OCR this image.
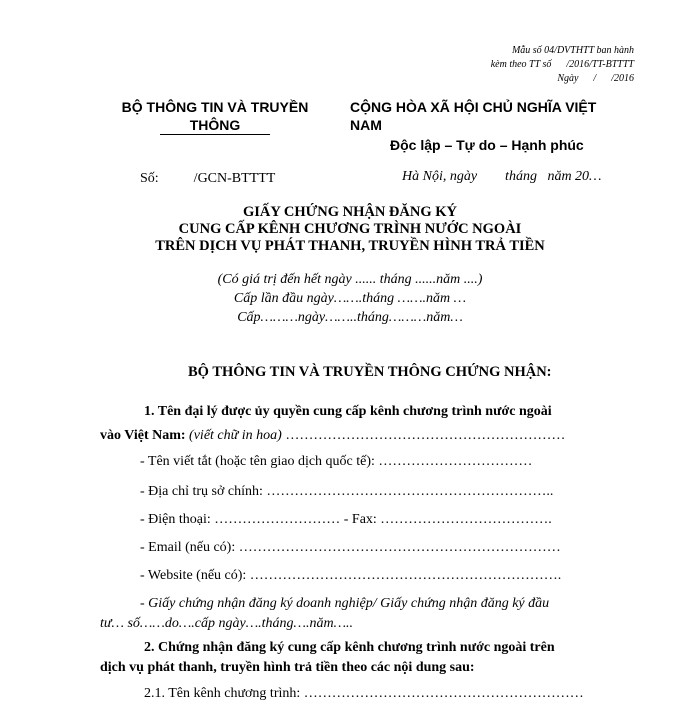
Mẫu số 04/DVTHTT ban hành
kèm theo TT số      /2016/TT-BTTTT
Ngày      /      /2016
BỘ THÔNG TIN VÀ TRUYỀN
THÔNG
CỘNG HÒA XÃ HỘI CHỦ NGHĨA VIỆT
NAM
Độc lập – Tự do – Hạnh phúc
Số:          /GCN-BTTTT	Hà Nội, ngày        tháng   năm 20…
GIẤY CHỨNG NHẬN ĐĂNG KÝ
CUNG CẤP KÊNH CHƯƠNG TRÌNH NƯỚC NGOÀI
TRÊN DỊCH VỤ PHÁT THANH, TRUYỀN HÌNH TRẢ TIỀN
(Có giá trị đến hết ngày ...... tháng ......năm ....)
Cấp lần đầu ngày…….tháng …….năm …
Cấp………ngày……..tháng………năm…
BỘ THÔNG TIN VÀ TRUYỀN THÔNG CHỨNG NHẬN:
1. Tên đại lý được ủy quyền cung cấp kênh chương trình nước ngoài
vào Việt Nam: (viết chữ in hoa) ……………………………………………………
- Tên viết tắt (hoặc tên giao dịch quốc tế): ……………………………
- Địa chỉ trụ sở chính: ……………………………………………………..
- Điện thoại: ……………………… - Fax: ……………………………….
- Email (nếu có): ……………………………………………………………
- Website (nếu có): ………………………………………………………….
- Giấy chứng nhận đăng ký doanh nghiệp/ Giấy chứng nhận đăng ký đầu
tư… số……do….cấp ngày….tháng….năm…..
2. Chứng nhận đăng ký cung cấp kênh chương trình nước ngoài trên
dịch vụ phát thanh, truyền hình trả tiền theo các nội dung sau:
2.1. Tên kênh chương trình: ……………………………………………………
